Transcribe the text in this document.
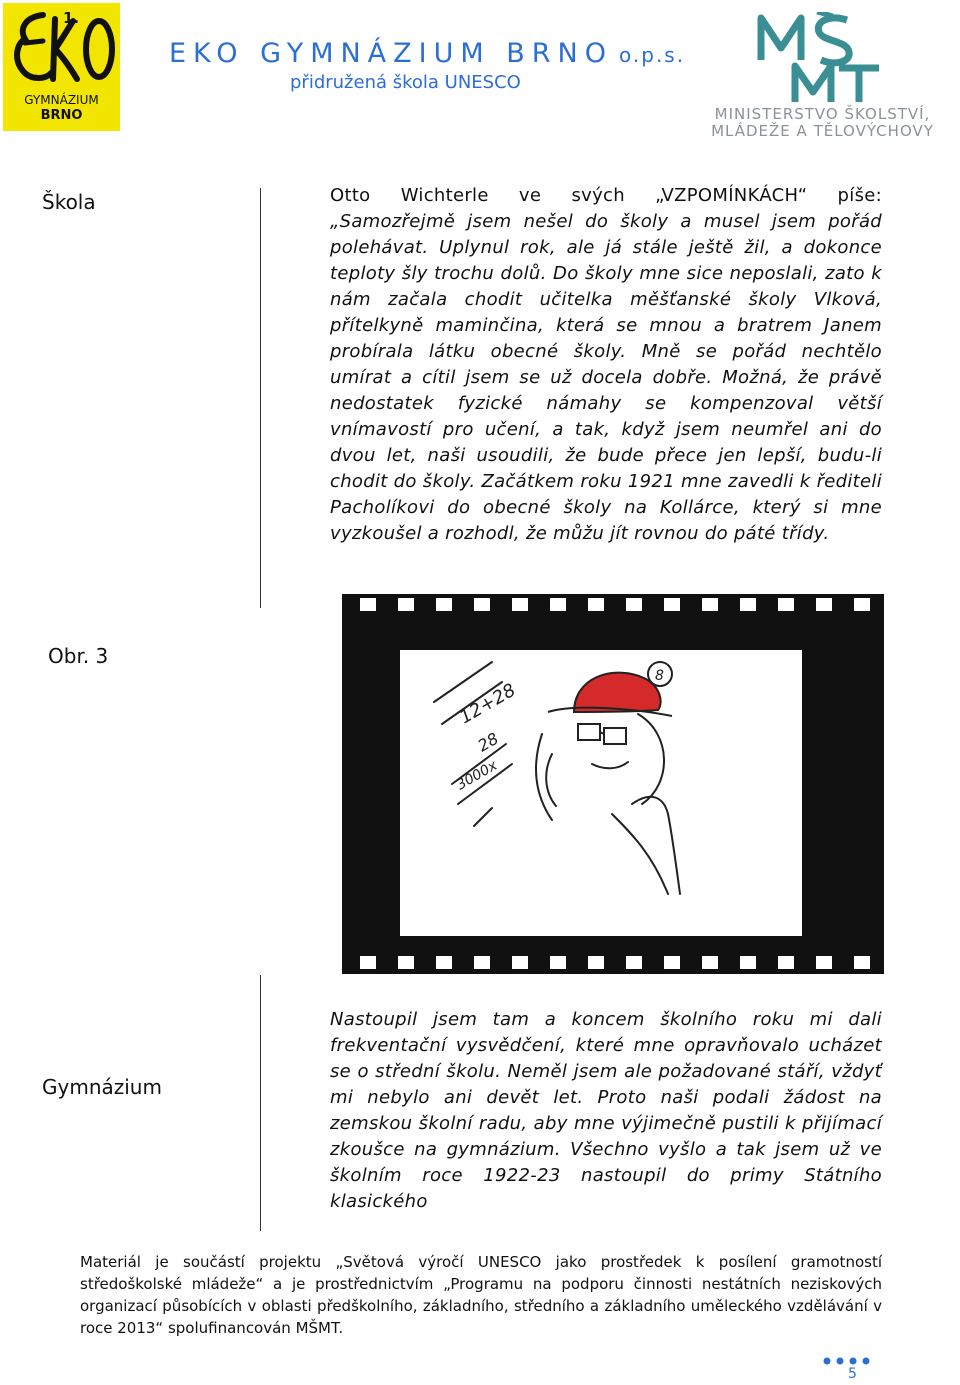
1.
GYMNÁZIUM
BRNO
EKO GYMNÁZIUM BRNO o.p.s.
přidružená škola UNESCO
MINISTERSTVO ŠKOLSTVÍ,
MLÁDEŽE A TĚLOVÝCHOVY
Škola
Obr. 3
Gymnázium
Otto Wichterle ve svých „VZPOMÍNKÁCH“ píše: „Samozřejmě jsem nešel do školy a musel jsem pořád polehávat. Uplynul rok, ale já stále ještě žil, a dokonce teploty šly trochu dolů. Do školy mne sice neposlali, zato k nám začala chodit učitelka měšťanské školy Vlková, přítelkyně maminčina, která se mnou a bratrem Janem probírala látku obecné školy. Mně se pořád nechtělo umírat a cítil jsem se už docela dobře. Možná, že právě nedostatek fyzické námahy se kompenzoval větší vnímavostí pro učení, a tak, když jsem neumřel ani do dvou let, naši usoudili, že bude přece jen lepší, budu-li chodit do školy. Začátkem roku 1921 mne zavedli k řediteli Pacholíkovi do obecné školy na Kollárce, který si mne vyzkoušel a rozhodl, že můžu jít rovnou do páté třídy.
12+28
28
3000x
8
Nastoupil jsem tam a koncem školního roku mi dali frekventační vysvědčení, které mne opravňovalo ucházet se o střední školu. Neměl jsem ale požadované stáří, vždyť mi nebylo ani devět let. Proto naši podali žádost na zemskou školní radu, aby mne výjimečně pustili k přijímací zkoušce na gymnázium. Všechno vyšlo a tak jsem už ve školním roce 1922-23 nastoupil do primy Státního klasického
Materiál je součástí projektu „Světová výročí UNESCO jako prostředek k posílení gramotností středoškolské mládeže“ a je prostřednictvím „Programu na podporu činnosti nestátních neziskových organizací působících v oblasti předškolního, základního, středního a základního uměleckého vzdělávání v roce 2013“ spolufinancován MŠMT.
5
